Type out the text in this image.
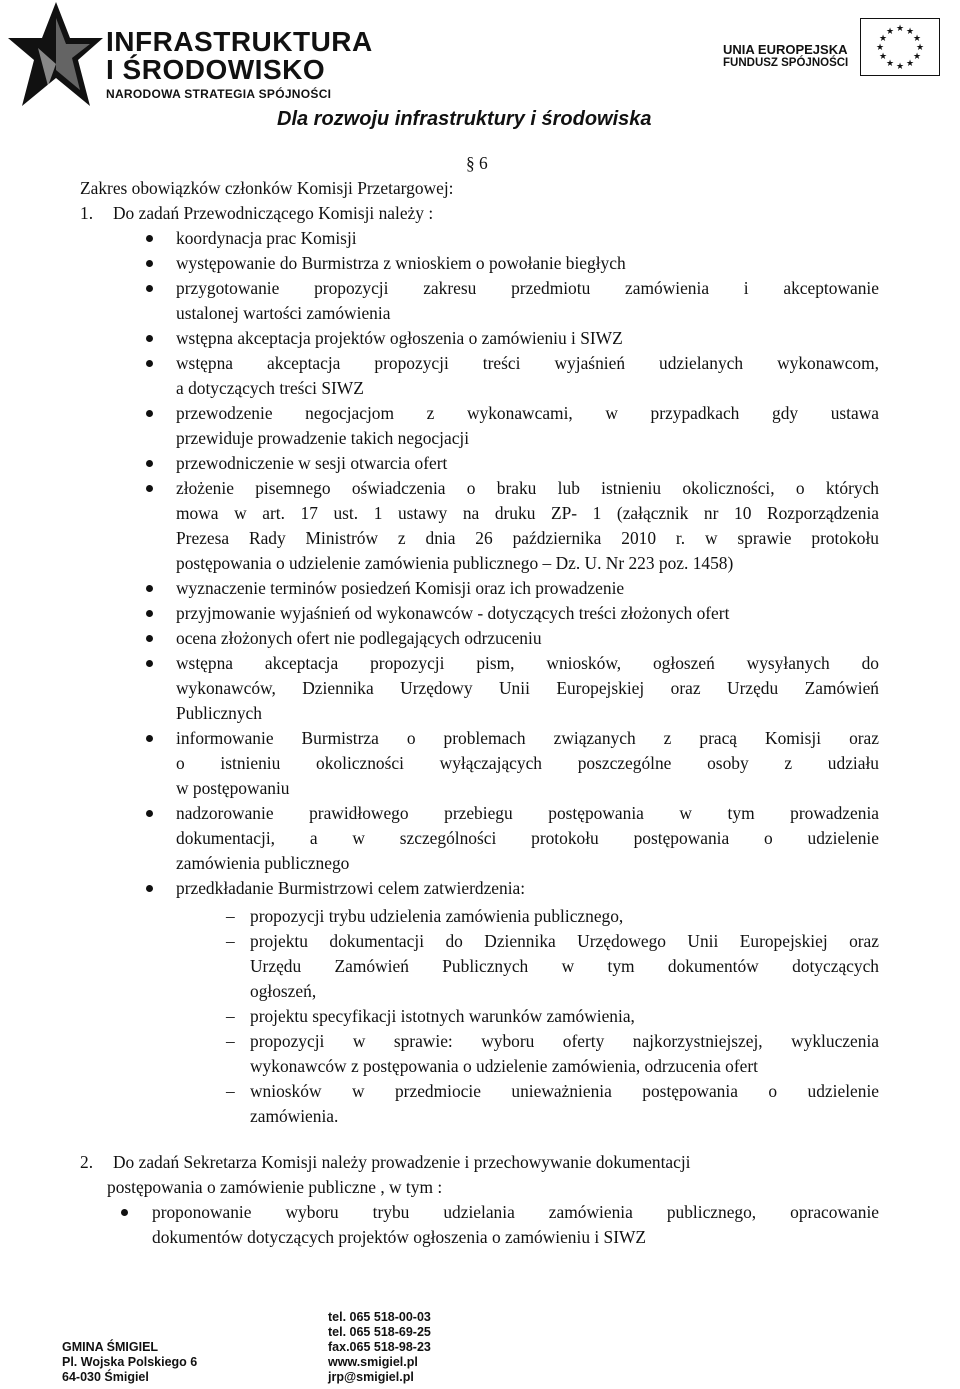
INFRASTRUKTURA
I ŚRODOWISKO
NARODOWA STRATEGIA SPÓJNOŚCI
UNIA EUROPEJSKA
FUNDUSZ SPÓJNOŚCI
★ ★
★
★
★
★
★
★
★
★
★
★
Dla rozwoju infrastruktury i środowiska
§ 6
Zakres obowiązków członków Komisji Przetargowej:
1. Do zadań Przewodniczącego Komisji należy :
koordynacja prac Komisji
występowanie do Burmistrza z wnioskiem o powołanie biegłych
przygotowanie propozycji zakresu przedmiotu zamówienia i akceptowanie
ustalonej wartości zamówienia
wstępna akceptacja projektów ogłoszenia o zamówieniu i SIWZ
wstępna akceptacja propozycji treści wyjaśnień udzielanych wykonawcom,
a dotyczących treści SIWZ
przewodzenie negocjacjom z wykonawcami, w przypadkach gdy ustawa
przewiduje prowadzenie takich negocjacji
przewodniczenie w sesji otwarcia ofert
złożenie pisemnego oświadczenia o braku lub istnieniu okoliczności, o których
mowa w art. 17 ust. 1 ustawy na druku ZP- 1 (załącznik nr 10 Rozporządzenia
Prezesa Rady Ministrów z dnia 26 października 2010 r. w sprawie protokołu
postępowania o udzielenie zamówienia publicznego – Dz. U. Nr 223 poz. 1458)
wyznaczenie terminów posiedzeń Komisji oraz ich prowadzenie
przyjmowanie wyjaśnień od wykonawców - dotyczących treści złożonych ofert
ocena złożonych ofert nie podlegających odrzuceniu
wstępna akceptacja propozycji pism, wniosków, ogłoszeń wysyłanych do
wykonawców, Dziennika Urzędowy Unii Europejskiej oraz Urzędu Zamówień
Publicznych
informowanie Burmistrza o problemach związanych z pracą Komisji oraz
o istnieniu okoliczności wyłączających poszczególne osoby z udziału
w postępowaniu
nadzorowanie prawidłowego przebiegu postępowania w tym prowadzenia
dokumentacji, a w szczególności protokołu postępowania o udzielenie
zamówienia publicznego
przedkładanie Burmistrzowi celem zatwierdzenia:
– propozycji trybu udzielenia zamówienia publicznego,
– projektu dokumentacji do Dziennika Urzędowego Unii Europejskiej oraz
Urzędu Zamówień Publicznych w tym dokumentów dotyczących
ogłoszeń,
– projektu specyfikacji istotnych warunków zamówienia,
– propozycji w sprawie: wyboru oferty najkorzystniejszej, wykluczenia
wykonawców z postępowania o udzielenie zamówienia, odrzucenia ofert
– wniosków w przedmiocie unieważnienia postępowania o udzielenie
zamówienia.
2. Do zadań Sekretarza Komisji należy prowadzenie i przechowywanie dokumentacji
postępowania o zamówienie publiczne , w tym :
proponowanie wyboru trybu udzielania zamówienia publicznego, opracowanie
dokumentów dotyczących projektów ogłoszenia o zamówieniu i SIWZ
GMINA ŚMIGIEL
Pl. Wojska Polskiego 6
64-030 Śmigiel
tel. 065 518-00-03
tel. 065 518-69-25
fax.065 518-98-23
www.smigiel.pl
jrp@smigiel.pl
